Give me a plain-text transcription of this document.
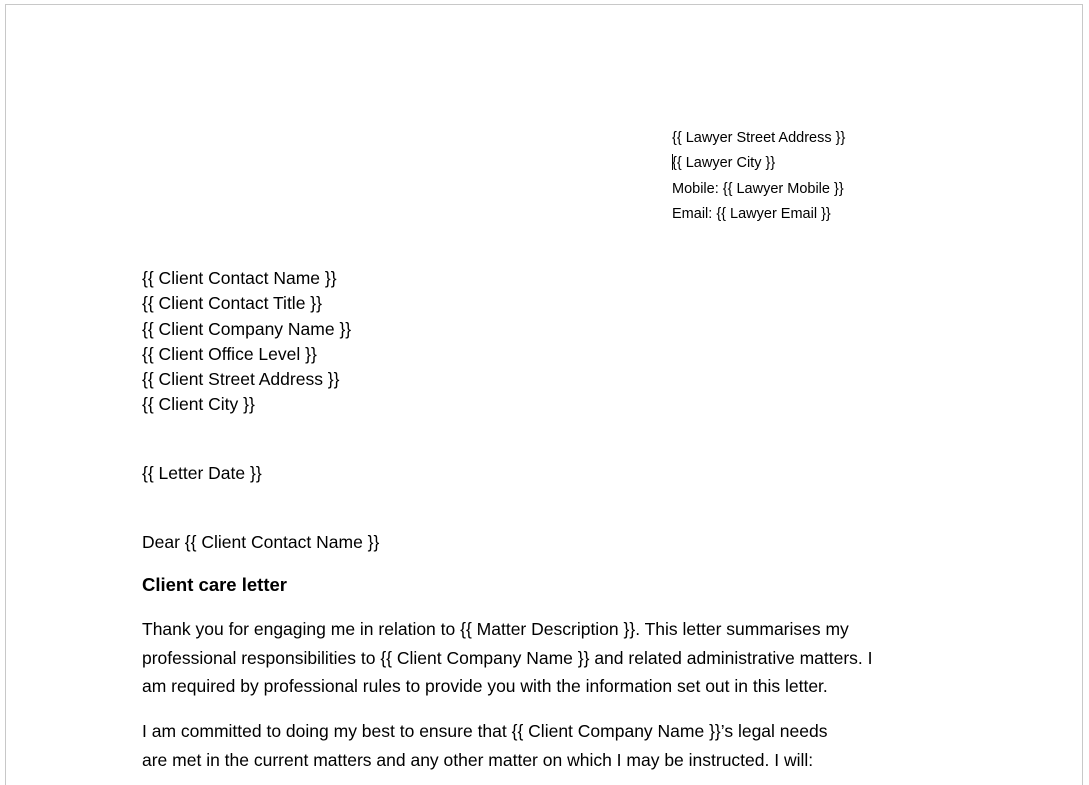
{{ Lawyer Street Address }}
{{ Lawyer City }}
Mobile: {{ Lawyer Mobile }}
Email: {{ Lawyer Email }}
{{ Client Contact Name }}
{{ Client Contact Title }}
{{ Client Company Name }}
{{ Client Office Level }}
{{ Client Street Address }}
{{ Client City }}
{{ Letter Date }}
Dear {{ Client Contact Name }}
Client care letter
Thank you for engaging me in relation to {{ Matter Description }}. This letter summarises my
professional responsibilities to {{ Client Company Name }} and related administrative matters. I
am required by professional rules to provide you with the information set out in this letter.
I am committed to doing my best to ensure that {{ Client Company Name }}’s legal needs
are met in the current matters and any other matter on which I may be instructed. I will:
